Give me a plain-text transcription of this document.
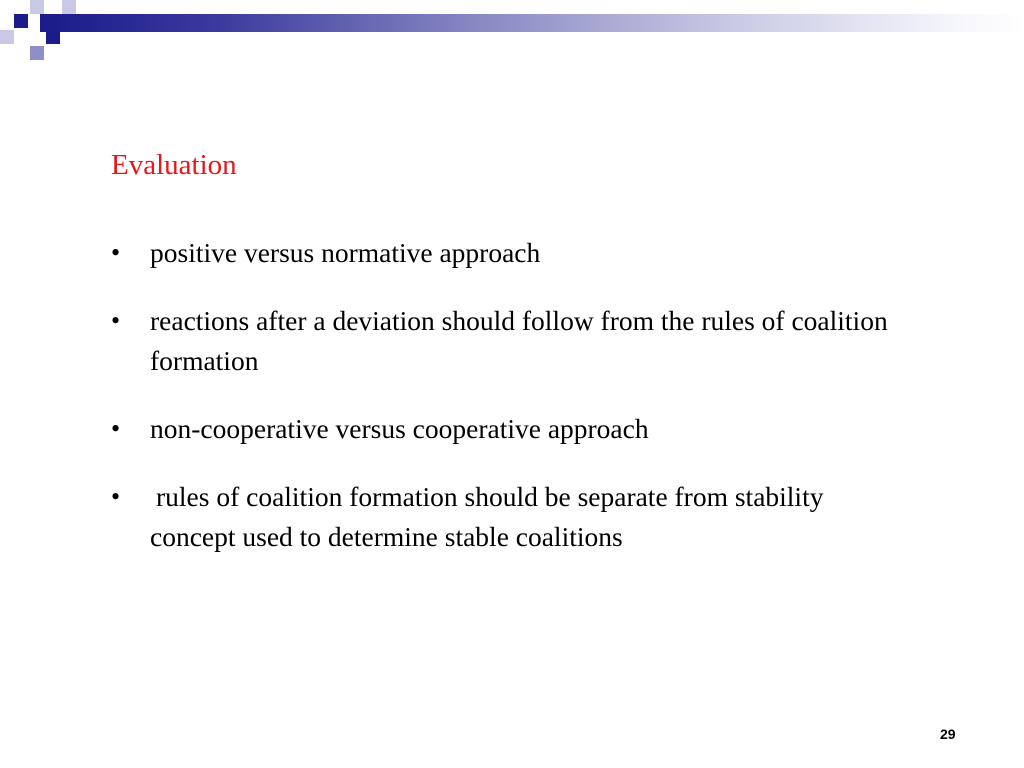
Evaluation
• positive versus normative approach
• reactions after a deviation should follow from the rules of coalition formation
• non-cooperative versus cooperative approach
• rules of coalition formation should be separate from stability concept used to determine stable coalitions
29
